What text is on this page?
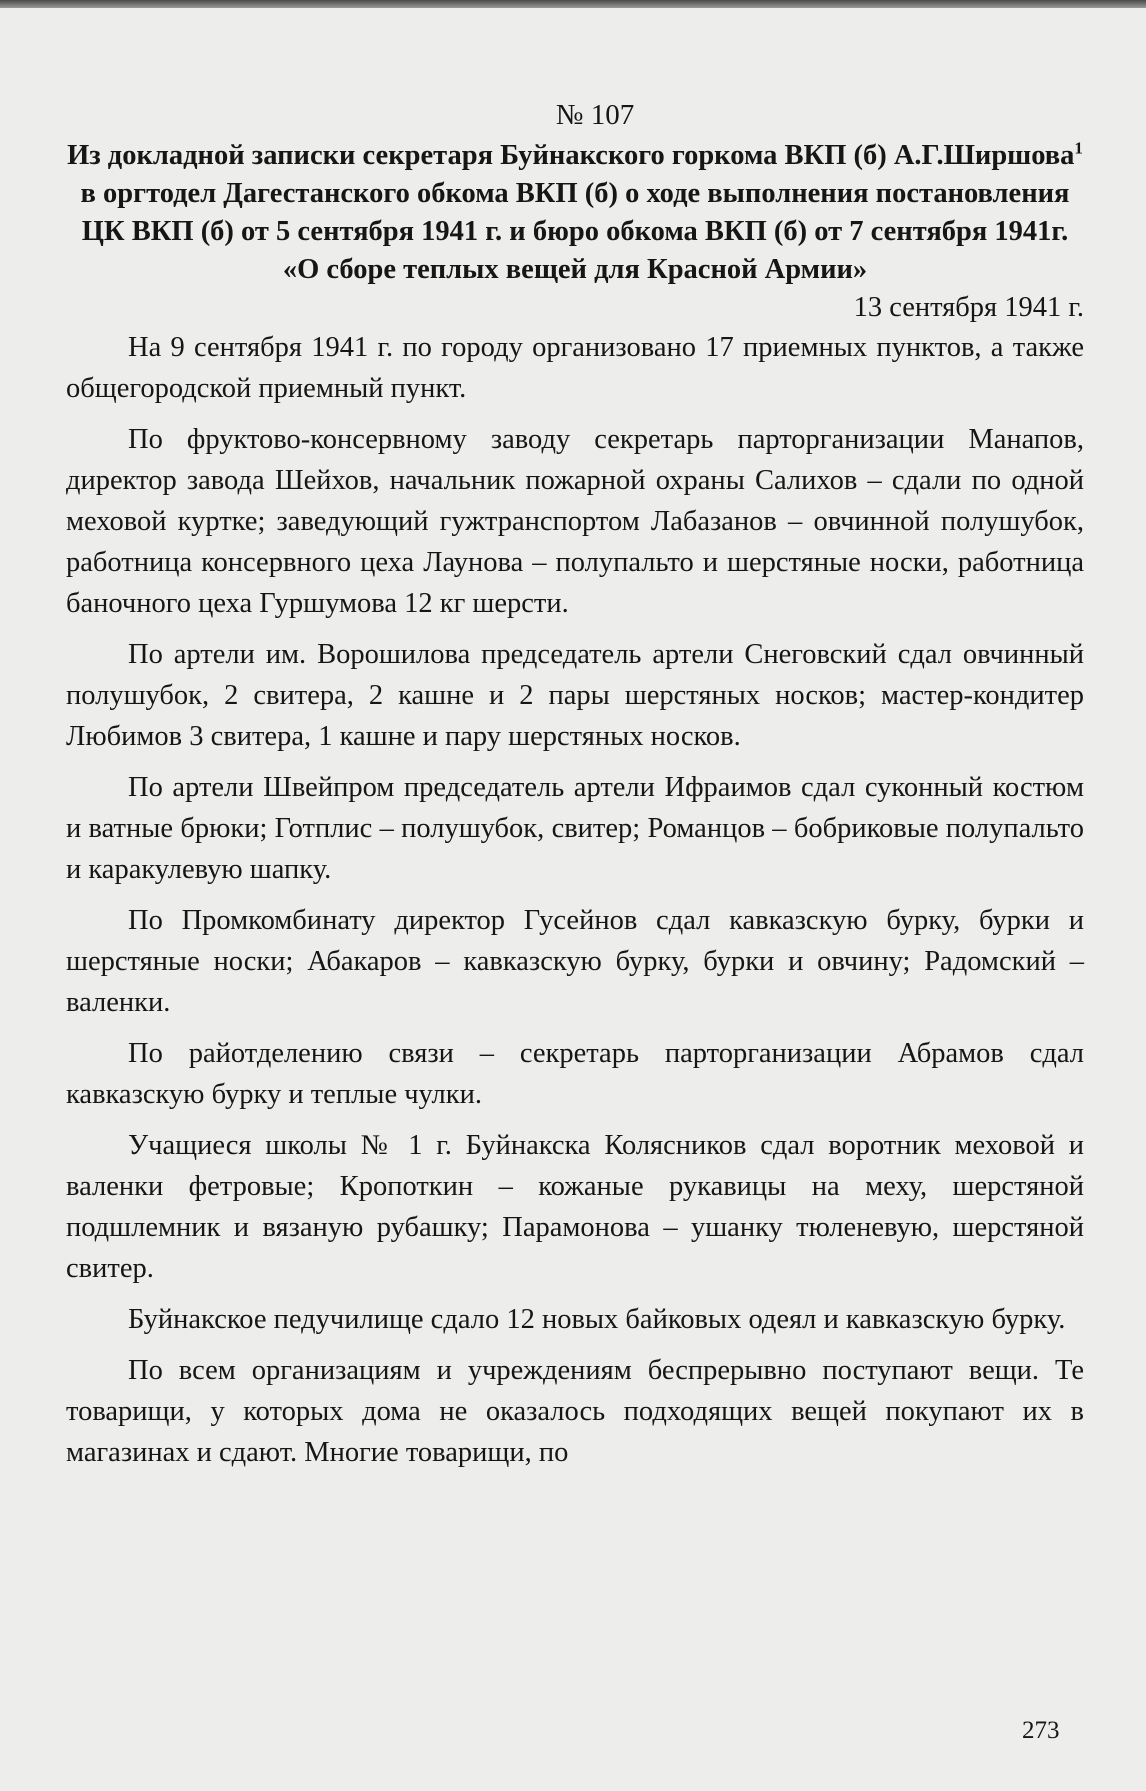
№ 107

Из докладной записки секретаря Буйнакского горкома ВКП (б) А.Г.Ширшова$^1$ в оргтодел Дагестанского обкома ВКП (б) о ходе выполнения постановления ЦК ВКП (б) от 5 сентября 1941 г. и бюро обкома ВКП (б) от 7 сентября 1941г. «О сборе теплых вещей для Красной Армии»

13 сентября 1941 г.

На 9 сентября 1941 г. по городу организовано 17 приемных пунктов, а также общегородской приемный пункт.

По фруктово-консервному заводу секретарь парторганизации Манапов, директор завода Шейхов, начальник пожарной охраны Салихов – сдали по одной меховой куртке; заведующий гужтранспортом Лабазанов – овчинной полушубок, работница консервного цеха Лаунова – полупальто и шерстяные носки, работница баночного цеха Гуршумова 12 кг шерсти.

По артели им. Ворошилова председатель артели Снеговский сдал овчинный полушубок, 2 свитера, 2 кашне и 2 пары шерстяных носков; мастер-кондитер Любимов 3 свитера, 1 кашне и пару шерстяных носков.

По артели Швейпром председатель артели Ифраимов сдал суконный костюм и ватные брюки; Готплис – полушубок, свитер; Романцов – бобриковые полупальто и каракулевую шапку.

По Промкомбинату директор Гусейнов сдал кавказскую бурку, бурки и шерстяные носки; Абакаров – кавказскую бурку, бурки и овчину; Радомский – валенки.

По райотделению связи – секретарь парторганизации Абрамов сдал кавказскую бурку и теплые чулки.

Учащиеся школы № 1 г. Буйнакска Колясников сдал воротник меховой и валенки фетровые; Кропоткин – кожаные рукавицы на меху, шерстяной подшлемник и вязаную рубашку; Парамонова – ушанку тюленевую, шерстяной свитер.

Буйнакское педучилище сдало 12 новых байковых одеял и кавказскую бурку.

По всем организациям и учреждениям беспрерывно поступают вещи. Те товарищи, у которых дома не оказалось подходящих вещей покупают их в магазинах и сдают. Многие товарищи, по

273
